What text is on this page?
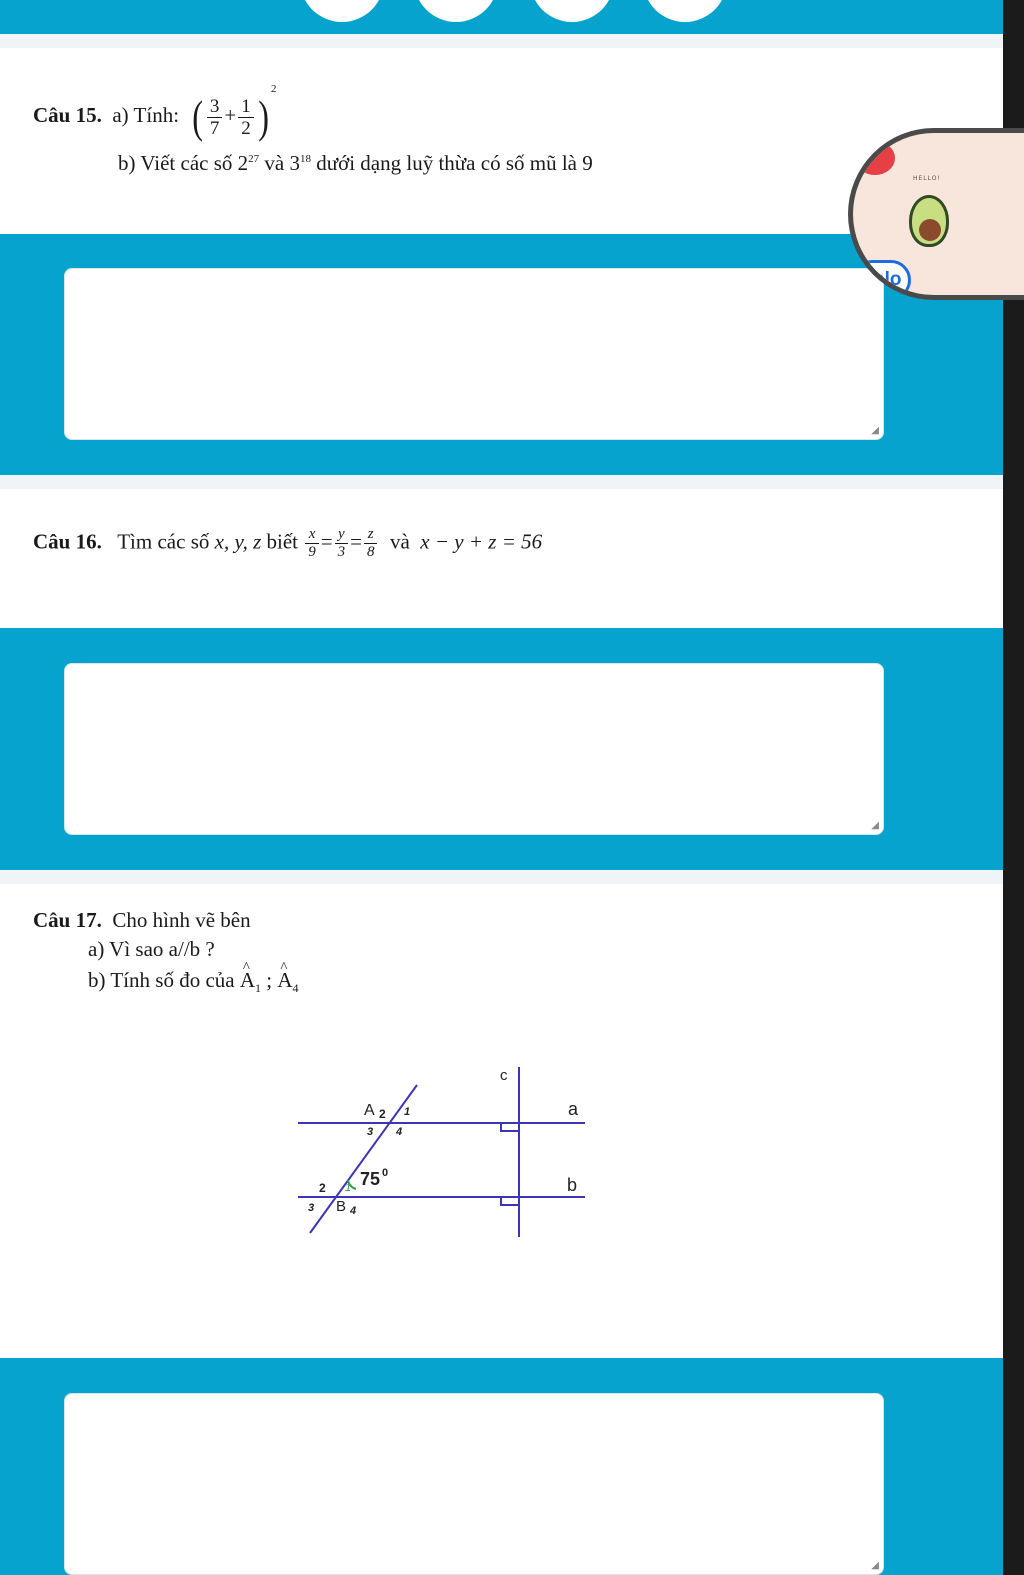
Câu 15. a) Tính: ( $\frac{3}{7} + \frac{1}{2} )^2$
b) Viết các số $2^{27}$ và $3^{18}$ dưới dạng luỹ thừa có số mũ là 9
◢
Câu 16. Tìm các số x, y, z biết $\frac{x}{9} = \frac{y}{3} = \frac{z}{8}$ và x − y + z = 56
◢
Câu 17. Cho hình vẽ bên
a) Vì sao a//b ?
b) Tính số đo của ^ $A_1$ ; ^ $A_4$
c
a
b
A 2 1
3 4
2 1
3 B 4
75 0
◢
HELLO!
Zalo
